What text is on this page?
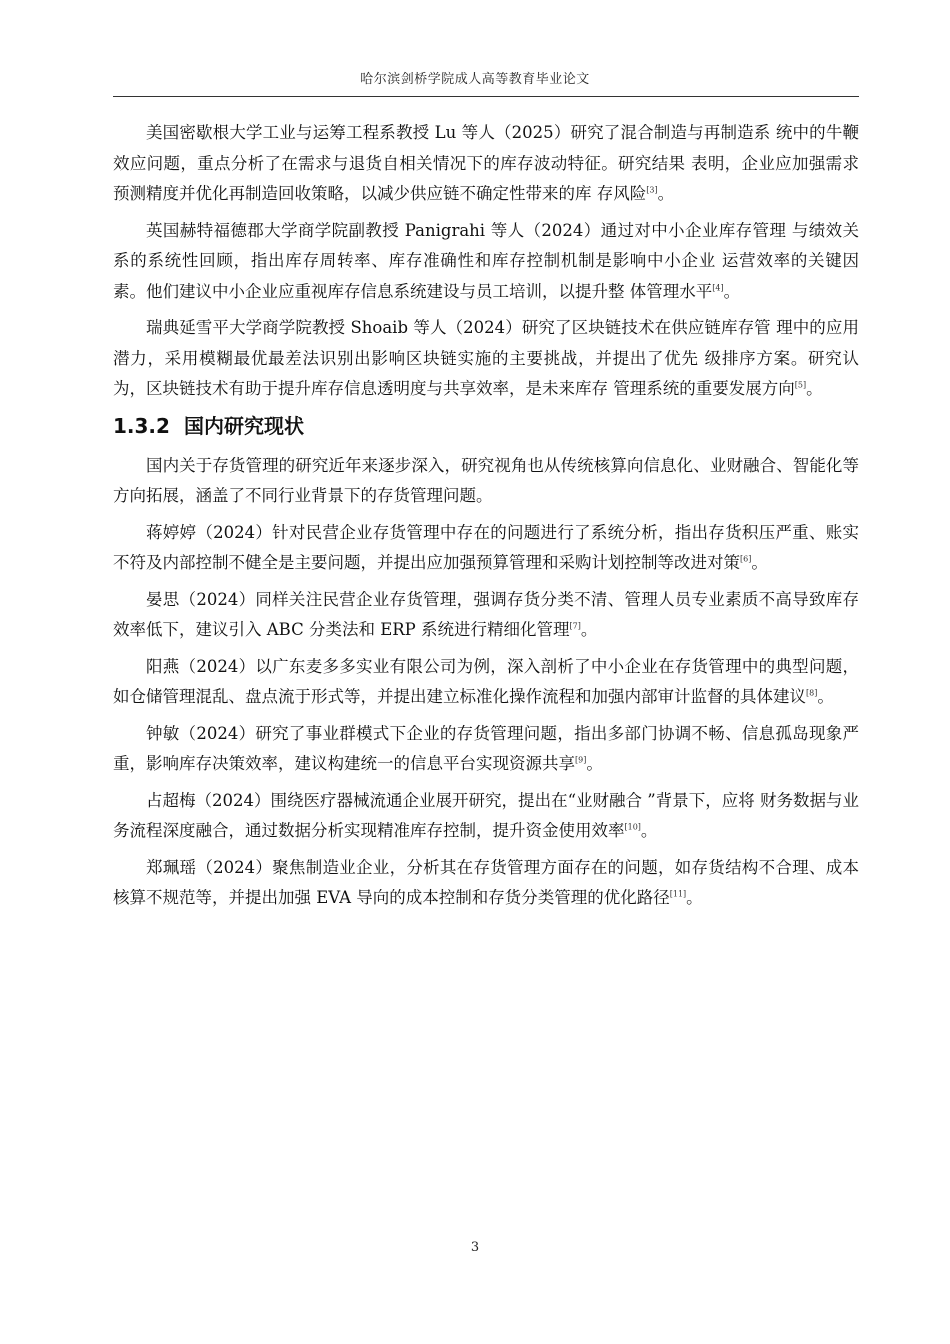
哈尔滨剑桥学院成人高等教育毕业论文

美国密歇根大学工业与运筹工程系教授 Lu 等人（2025）研究了混合制造与再制造系 统中的牛鞭效应问题，重点分析了在需求与退货自相关情况下的库存波动特征。研究结果 表明，企业应加强需求预测精度并优化再制造回收策略，以减少供应链不确定性带来的库 存风险[3]。

英国赫特福德郡大学商学院副教授 Panigrahi 等人（2024）通过对中小企业库存管理 与绩效关系的系统性回顾，指出库存周转率、库存准确性和库存控制机制是影响中小企业 运营效率的关键因素。他们建议中小企业应重视库存信息系统建设与员工培训，以提升整 体管理水平[4]。

瑞典延雪平大学商学院教授 Shoaib 等人（2024）研究了区块链技术在供应链库存管 理中的应用潜力，采用模糊最优最差法识别出影响区块链实施的主要挑战，并提出了优先 级排序方案。研究认为，区块链技术有助于提升库存信息透明度与共享效率，是未来库存 管理系统的重要发展方向[5]。

1.3.2 国内研究现状

国内关于存货管理的研究近年来逐步深入，研究视角也从传统核算向信息化、业财融合、智能化等方向拓展，涵盖了不同行业背景下的存货管理问题。

蒋婷婷（2024）针对民营企业存货管理中存在的问题进行了系统分析，指出存货积压严重、账实不符及内部控制不健全是主要问题，并提出应加强预算管理和采购计划控制等改进对策[6]。

晏思（2024）同样关注民营企业存货管理，强调存货分类不清、管理人员专业素质不高导致库存效率低下，建议引入 ABC 分类法和 ERP 系统进行精细化管理[7]。

阳燕（2024）以广东麦多多实业有限公司为例，深入剖析了中小企业在存货管理中的典型问题，如仓储管理混乱、盘点流于形式等，并提出建立标准化操作流程和加强内部审计监督的具体建议[8]。

钟敏（2024）研究了事业群模式下企业的存货管理问题，指出多部门协调不畅、信息孤岛现象严重，影响库存决策效率，建议构建统一的信息平台实现资源共享[9]。

占超梅（2024）围绕医疗器械流通企业展开研究，提出在“业财融合 ”背景下，应将 财务数据与业务流程深度融合，通过数据分析实现精准库存控制，提升资金使用效率[10]。

郑珮瑶（2024）聚焦制造业企业，分析其在存货管理方面存在的问题，如存货结构不合理、成本核算不规范等，并提出加强 EVA 导向的成本控制和存货分类管理的优化路径[11]。

3
